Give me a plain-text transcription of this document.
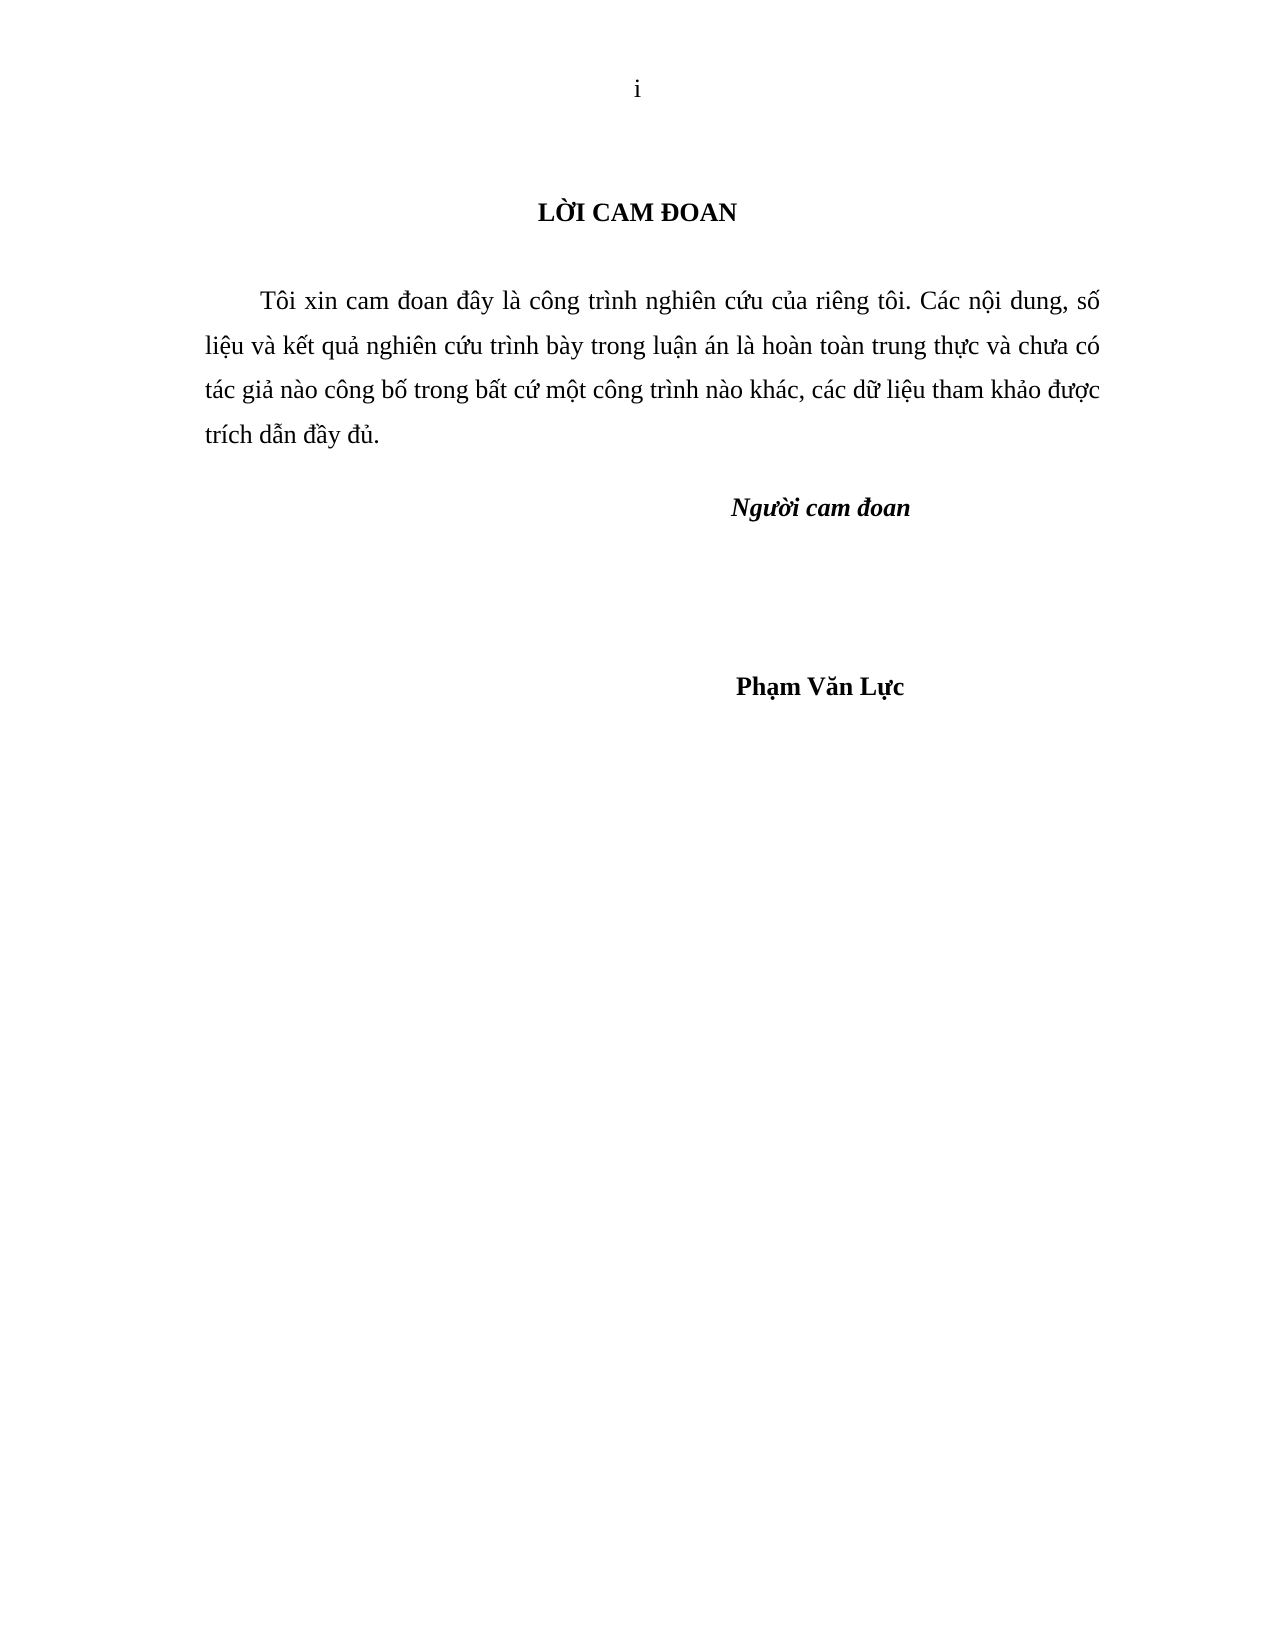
i
LỜI CAM ĐOAN

Tôi xin cam đoan đây là công trình nghiên cứu của riêng tôi. Các nội dung, số liệu và kết quả nghiên cứu trình bày trong luận án là hoàn toàn trung thực và chưa có tác giả nào công bố trong bất cứ một công trình nào khác, các dữ liệu tham khảo được trích dẫn đầy đủ.

Người cam đoan
Phạm Văn Lực
